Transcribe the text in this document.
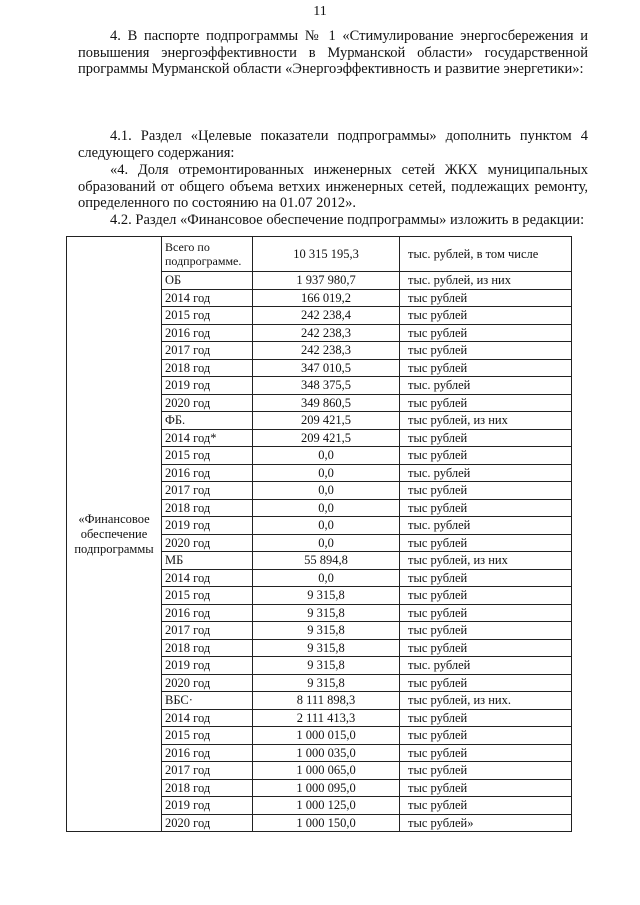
11
4. В паспорте подпрограммы № 1 «Стимулирование энергосбережения и повышения энергоэффективности в Мурманской области» государственной программы Мурманской области «Энергоэффективность и развитие энергетики»:
4.1. Раздел «Целевые показатели подпрограммы» дополнить пунктом 4 следующего содержания:
«4. Доля отремонтированных инженерных сетей ЖКХ муниципальных образований от общего объема ветхих инженерных сетей, подлежащих ремонту, определенного по состоянию на 01.07 2012».
4.2. Раздел «Финансовое обеспечение подпрограммы» изложить в редакции:
«Финансовое обеспечение подпрограммы	Всего по подпрограмме.	10 315 195,3	тыс. рублей, в том числе
	ОБ	1 937 980,7	тыс. рублей, из них
	2014 год	166 019,2	тыс рублей
	2015 год	242 238,4	тыс рублей
	2016 год	242 238,3	тыс рублей
	2017 год	242 238,3	тыс рублей
	2018 год	347 010,5	тыс рублей
	2019 год	348 375,5	тыс. рублей
	2020 год	349 860,5	тыс рублей
	ФБ.	209 421,5	тыс рублей, из них
	2014 год*	209 421,5	тыс рублей
	2015 год	0,0	тыс рублей
	2016 год	0,0	тыс. рублей
	2017 год	0,0	тыс рублей
	2018 год	0,0	тыс рублей
	2019 год	0,0	тыс. рублей
	2020 год	0,0	тыс рублей
	МБ	55 894,8	тыс рублей, из них
	2014 год	0,0	тыс рублей
	2015 год	9 315,8	тыс рублей
	2016 год	9 315,8	тыс рублей
	2017 год	9 315,8	тыс рублей
	2018 год	9 315,8	тыс рублей
	2019 год	9 315,8	тыс. рублей
	2020 год	9 315,8	тыс рублей
	ВБС·	8 111 898,3	тыс рублей, из них.
	2014 год	2 111 413,3	тыс рублей
	2015 год	1 000 015,0	тыс рублей
	2016 год	1 000 035,0	тыс рублей
	2017 год	1 000 065,0	тыс рублей
	2018 год	1 000 095,0	тыс рублей
	2019 год	1 000 125,0	тыс рублей
	2020 год	1 000 150,0	тыс рублей»
